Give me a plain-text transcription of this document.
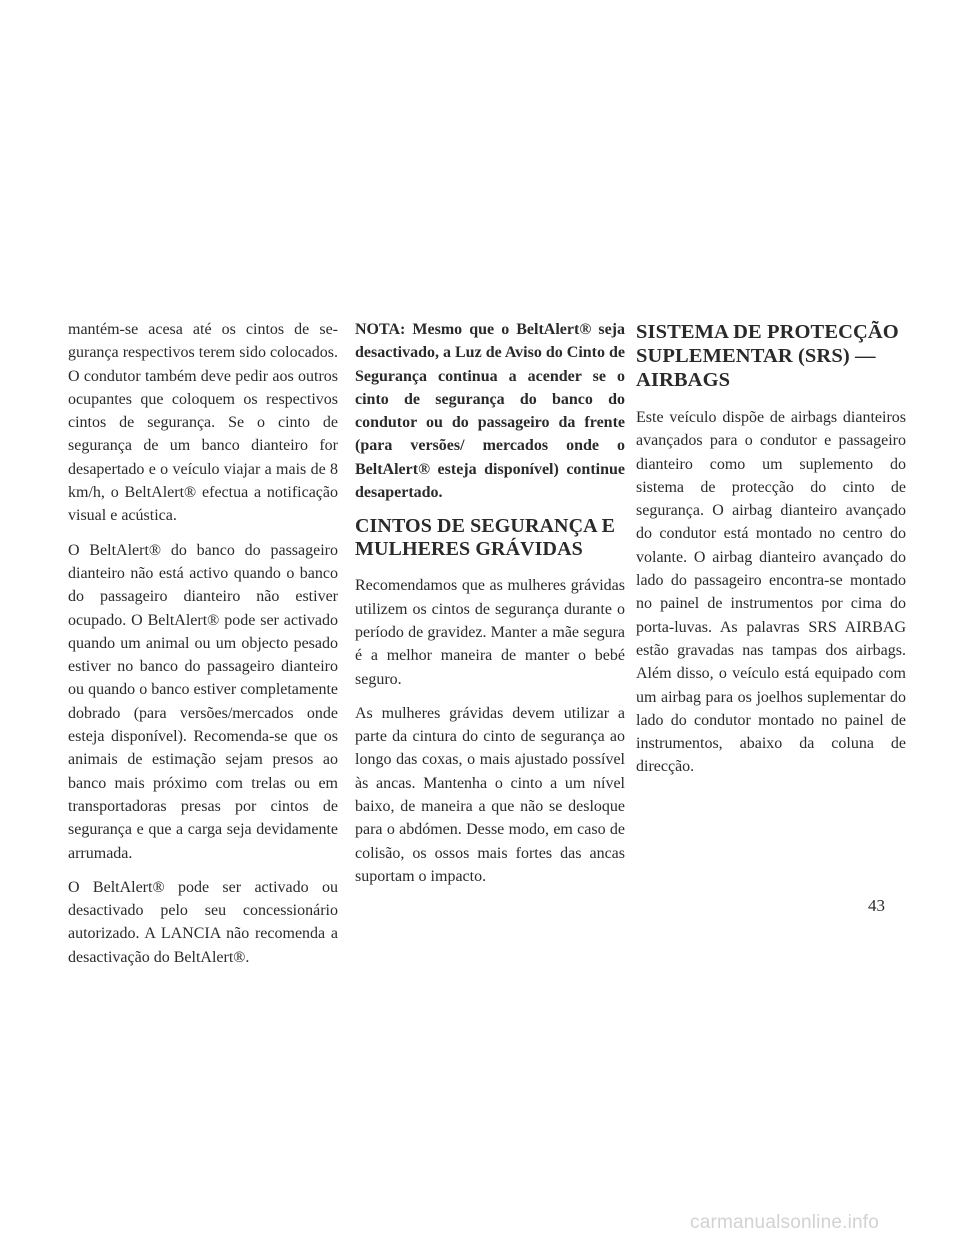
mantém-se acesa até os cintos de segurança respectivos terem sido colocados. O condutor também deve pedir aos outros ocupantes que coloquem os respectivos cintos de segurança. Se o cinto de segurança de um banco dianteiro for desapertado e o veículo viajar a mais de 8 km/h, o BeltAlert® efectua a notificação visual e acústica.

O BeltAlert® do banco do passageiro dianteiro não está activo quando o banco do passageiro dianteiro não estiver ocupado. O BeltAlert® pode ser activado quando um animal ou um objecto pesado estiver no banco do passageiro dianteiro ou quando o banco estiver completamente dobrado (para versões/mercados onde esteja disponível). Recomenda-se que os animais de estimação sejam presos ao banco mais próximo com trelas ou em transportadoras presas por cintos de segurança e que a carga seja devidamente arrumada.

O BeltAlert® pode ser activado ou desactivado pelo seu concessionário autorizado. A LANCIA não recomenda a desactivação do BeltAlert®.

NOTA: Mesmo que o BeltAlert® seja desactivado, a Luz de Aviso do Cinto de Segurança continua a acender se o cinto de segurança do banco do condutor ou do passageiro da frente (para versões/ mercados onde o BeltAlert® esteja disponível) continue desapertado.

CINTOS DE SEGURANÇA E MULHERES GRÁVIDAS

Recomendamos que as mulheres grávidas utilizem os cintos de segurança durante o período de gravidez. Manter a mãe segura é a melhor maneira de manter o bebé seguro.

As mulheres grávidas devem utilizar a parte da cintura do cinto de segurança ao longo das coxas, o mais ajustado possível às ancas. Mantenha o cinto a um nível baixo, de maneira a que não se desloque para o abdómen. Desse modo, em caso de colisão, os ossos mais fortes das ancas suportam o impacto.

SISTEMA DE PROTECÇÃO SUPLEMENTAR (SRS) — AIRBAGS

Este veículo dispõe de airbags dianteiros avançados para o condutor e passageiro dianteiro como um suplemento do sistema de protecção do cinto de segurança. O airbag dianteiro avançado do condutor está montado no centro do volante. O airbag dianteiro avançado do lado do passageiro encontra-se montado no painel de instrumentos por cima do porta-luvas. As palavras SRS AIRBAG estão gravadas nas tampas dos airbags. Além disso, o veículo está equipado com um airbag para os joelhos suplementar do lado do condutor montado no painel de instrumentos, abaixo da coluna de direcção.

43
carmanualsonline.info
